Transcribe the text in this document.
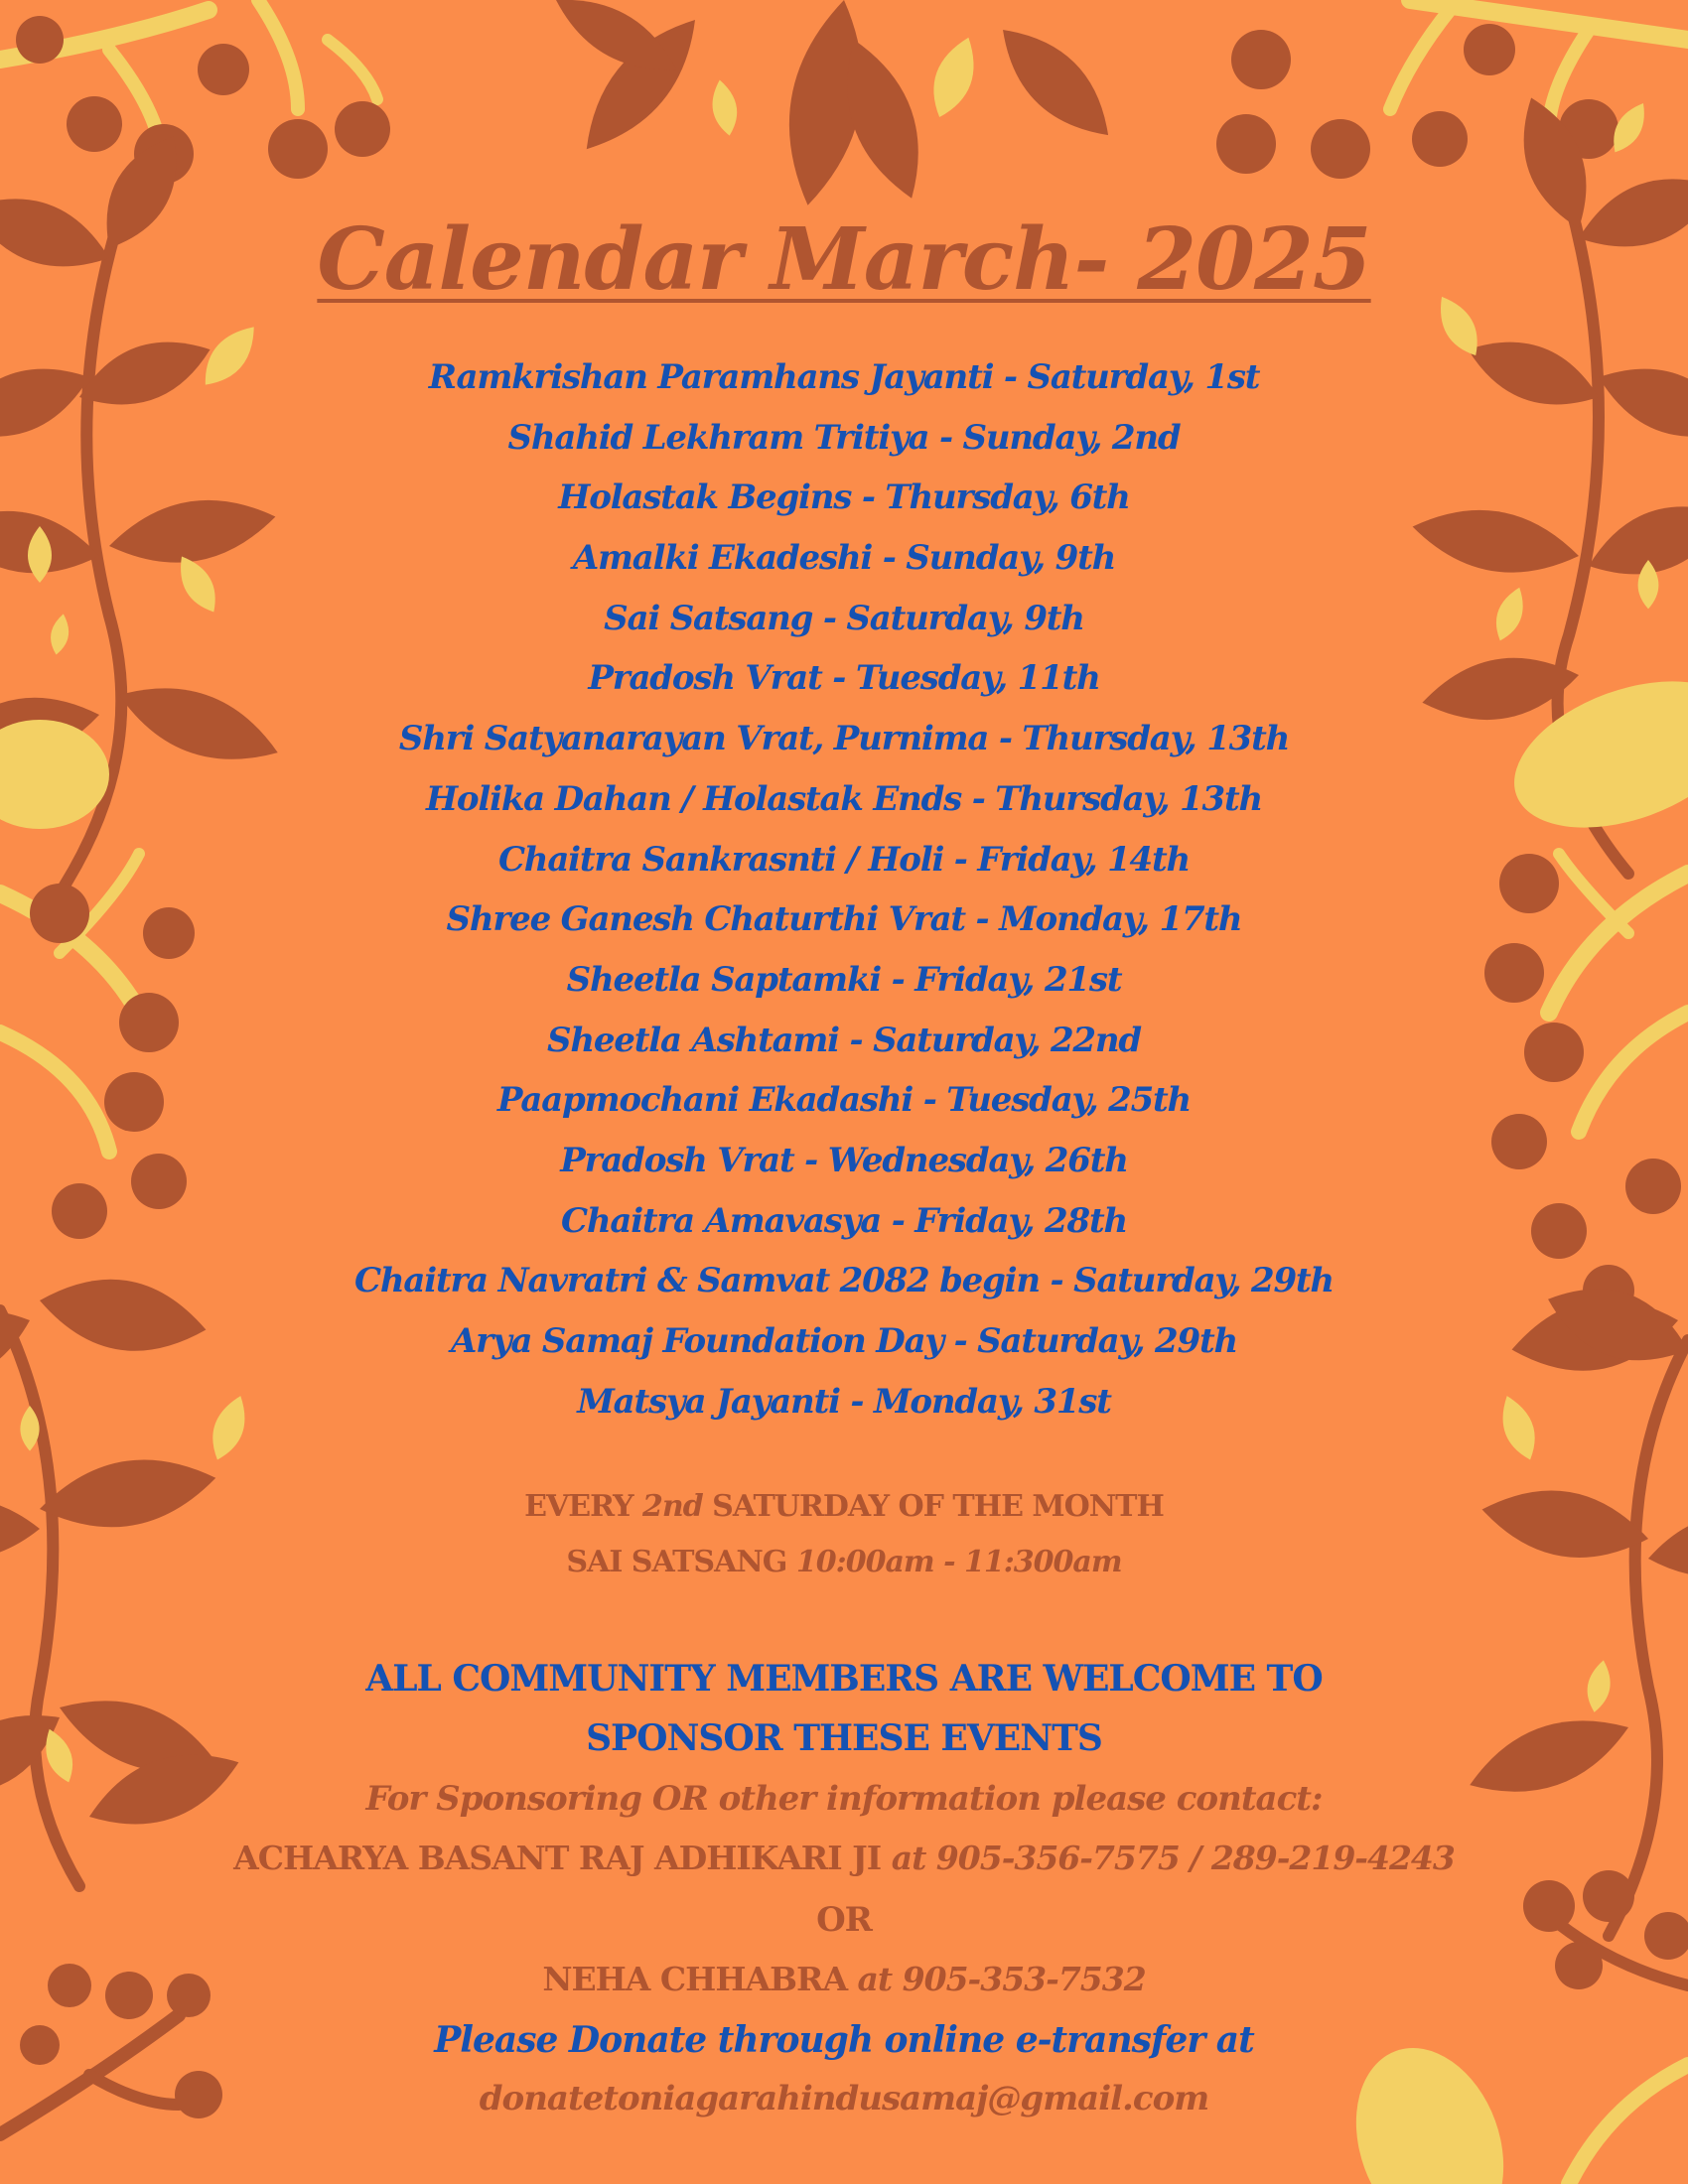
Calendar March- 2025
Ramkrishan Paramhans Jayanti - Saturday, 1st
Shahid Lekhram Tritiya - Sunday, 2nd
Holastak Begins - Thursday, 6th
Amalki Ekadeshi - Sunday, 9th
Sai Satsang - Saturday, 9th
Pradosh Vrat - Tuesday, 11th
Shri Satyanarayan Vrat, Purnima - Thursday, 13th
Holika Dahan / Holastak Ends - Thursday, 13th
Chaitra Sankrasnti / Holi - Friday, 14th
Shree Ganesh Chaturthi Vrat - Monday, 17th
Sheetla Saptamki - Friday, 21st
Sheetla Ashtami - Saturday, 22nd
Paapmochani Ekadashi - Tuesday, 25th
Pradosh Vrat - Wednesday, 26th
Chaitra Amavasya - Friday, 28th
Chaitra Navratri & Samvat 2082 begin - Saturday, 29th
Arya Samaj Foundation Day - Saturday, 29th
Matsya Jayanti - Monday, 31st
EVERY 2nd SATURDAY OF THE MONTH
SAI SATSANG 10:00am - 11:300am
ALL COMMUNITY MEMBERS ARE WELCOME TO
SPONSOR THESE EVENTS
For Sponsoring OR other information please contact:
ACHARYA BASANT RAJ ADHIKARI JI at 905-356-7575 / 289-219-4243
OR
NEHA CHHABRA at 905-353-7532
Please Donate through online e-transfer at
donatetoniagarahindusamaj@gmail.com
